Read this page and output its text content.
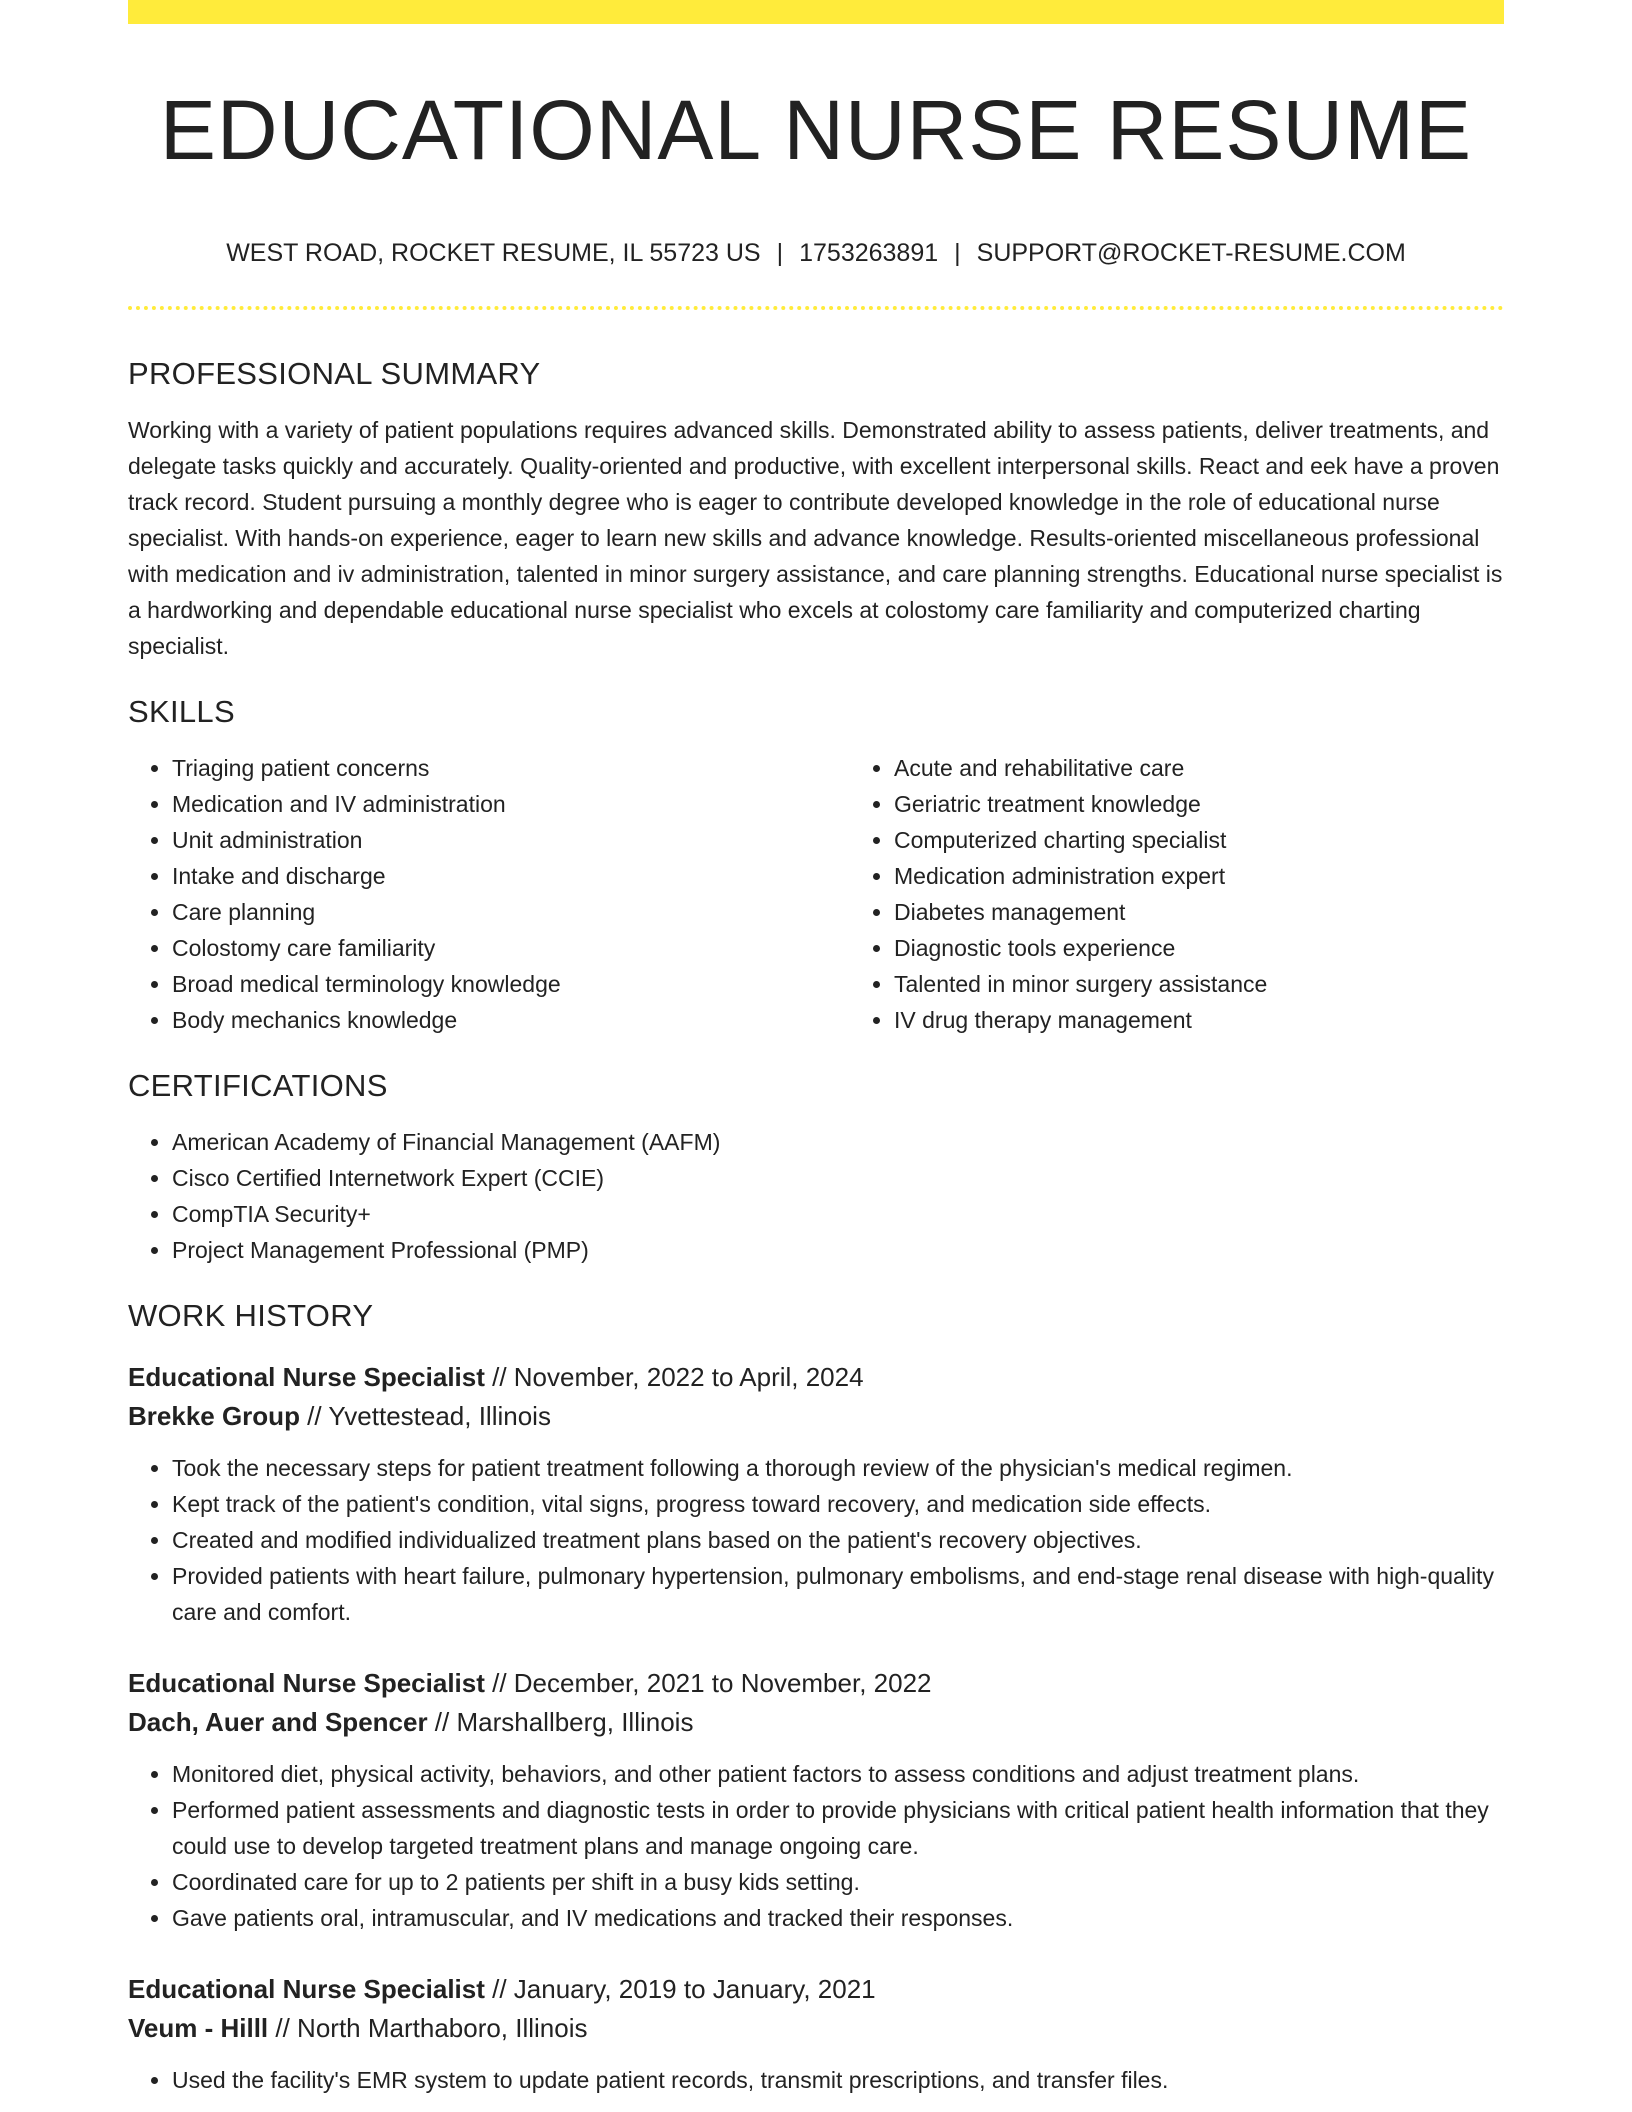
EDUCATIONAL NURSE RESUME
WEST ROAD, ROCKET RESUME, IL 55723 US | 1753263891 | SUPPORT@ROCKET-RESUME.COM
PROFESSIONAL SUMMARY

Working with a variety of patient populations requires advanced skills. Demonstrated ability to assess patients, deliver treatments, and delegate tasks quickly and accurately. Quality-oriented and productive, with excellent interpersonal skills. React and eek have a proven track record. Student pursuing a monthly degree who is eager to contribute developed knowledge in the role of educational nurse specialist. With hands-on experience, eager to learn new skills and advance knowledge. Results-oriented miscellaneous professional with medication and iv administration, talented in minor surgery assistance, and care planning strengths. Educational nurse specialist is a hardworking and dependable educational nurse specialist who excels at colostomy care familiarity and computerized charting specialist.

SKILLS
• Triaging patient concerns
• Medication and IV administration
• Unit administration
• Intake and discharge
• Care planning
• Colostomy care familiarity
• Broad medical terminology knowledge
• Body mechanics knowledge
• Acute and rehabilitative care
• Geriatric treatment knowledge
• Computerized charting specialist
• Medication administration expert
• Diabetes management
• Diagnostic tools experience
• Talented in minor surgery assistance
• IV drug therapy management
CERTIFICATIONS
• American Academy of Financial Management (AAFM)
• Cisco Certified Internetwork Expert (CCIE)
• CompTIA Security+
• Project Management Professional (PMP)
WORK HISTORY
Educational Nurse Specialist // November, 2022 to April, 2024
Brekke Group // Yvettestead, Illinois
• Took the necessary steps for patient treatment following a thorough review of the physician's medical regimen.
• Kept track of the patient's condition, vital signs, progress toward recovery, and medication side effects.
• Created and modified individualized treatment plans based on the patient's recovery objectives.
• Provided patients with heart failure, pulmonary hypertension, pulmonary embolisms, and end-stage renal disease with high-quality care and comfort.
Educational Nurse Specialist // December, 2021 to November, 2022
Dach, Auer and Spencer // Marshallberg, Illinois
• Monitored diet, physical activity, behaviors, and other patient factors to assess conditions and adjust treatment plans.
• Performed patient assessments and diagnostic tests in order to provide physicians with critical patient health information that they could use to develop targeted treatment plans and manage ongoing care.
• Coordinated care for up to 2 patients per shift in a busy kids setting.
• Gave patients oral, intramuscular, and IV medications and tracked their responses.
Educational Nurse Specialist // January, 2019 to January, 2021
Veum - Hilll // North Marthaboro, Illinois
• Used the facility's EMR system to update patient records, transmit prescriptions, and transfer files.
